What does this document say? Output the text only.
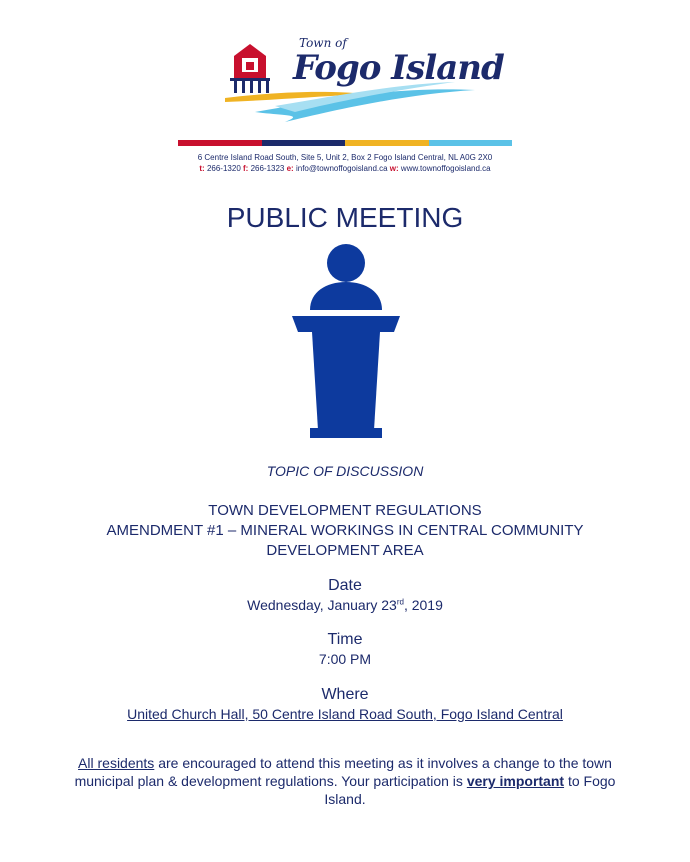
Town of
Fogo Island
6 Centre Island Road South, Site 5, Unit 2, Box 2 Fogo Island Central, NL A0G 2X0
t: 266-1320 f: 266-1323 e: info@townoffogoisland.ca w: www.townoffogoisland.ca
PUBLIC MEETING
TOPIC OF DISCUSSION
TOWN DEVELOPMENT REGULATIONS
AMENDMENT #1 – MINERAL WORKINGS IN CENTRAL COMMUNITY
DEVELOPMENT AREA
Date
Wednesday, January 23rd, 2019
Time
7:00 PM
Where
United Church Hall, 50 Centre Island Road South, Fogo Island Central
All residents are encouraged to attend this meeting as it involves a change to the town municipal plan & development regulations. Your participation is very important to Fogo Island.
